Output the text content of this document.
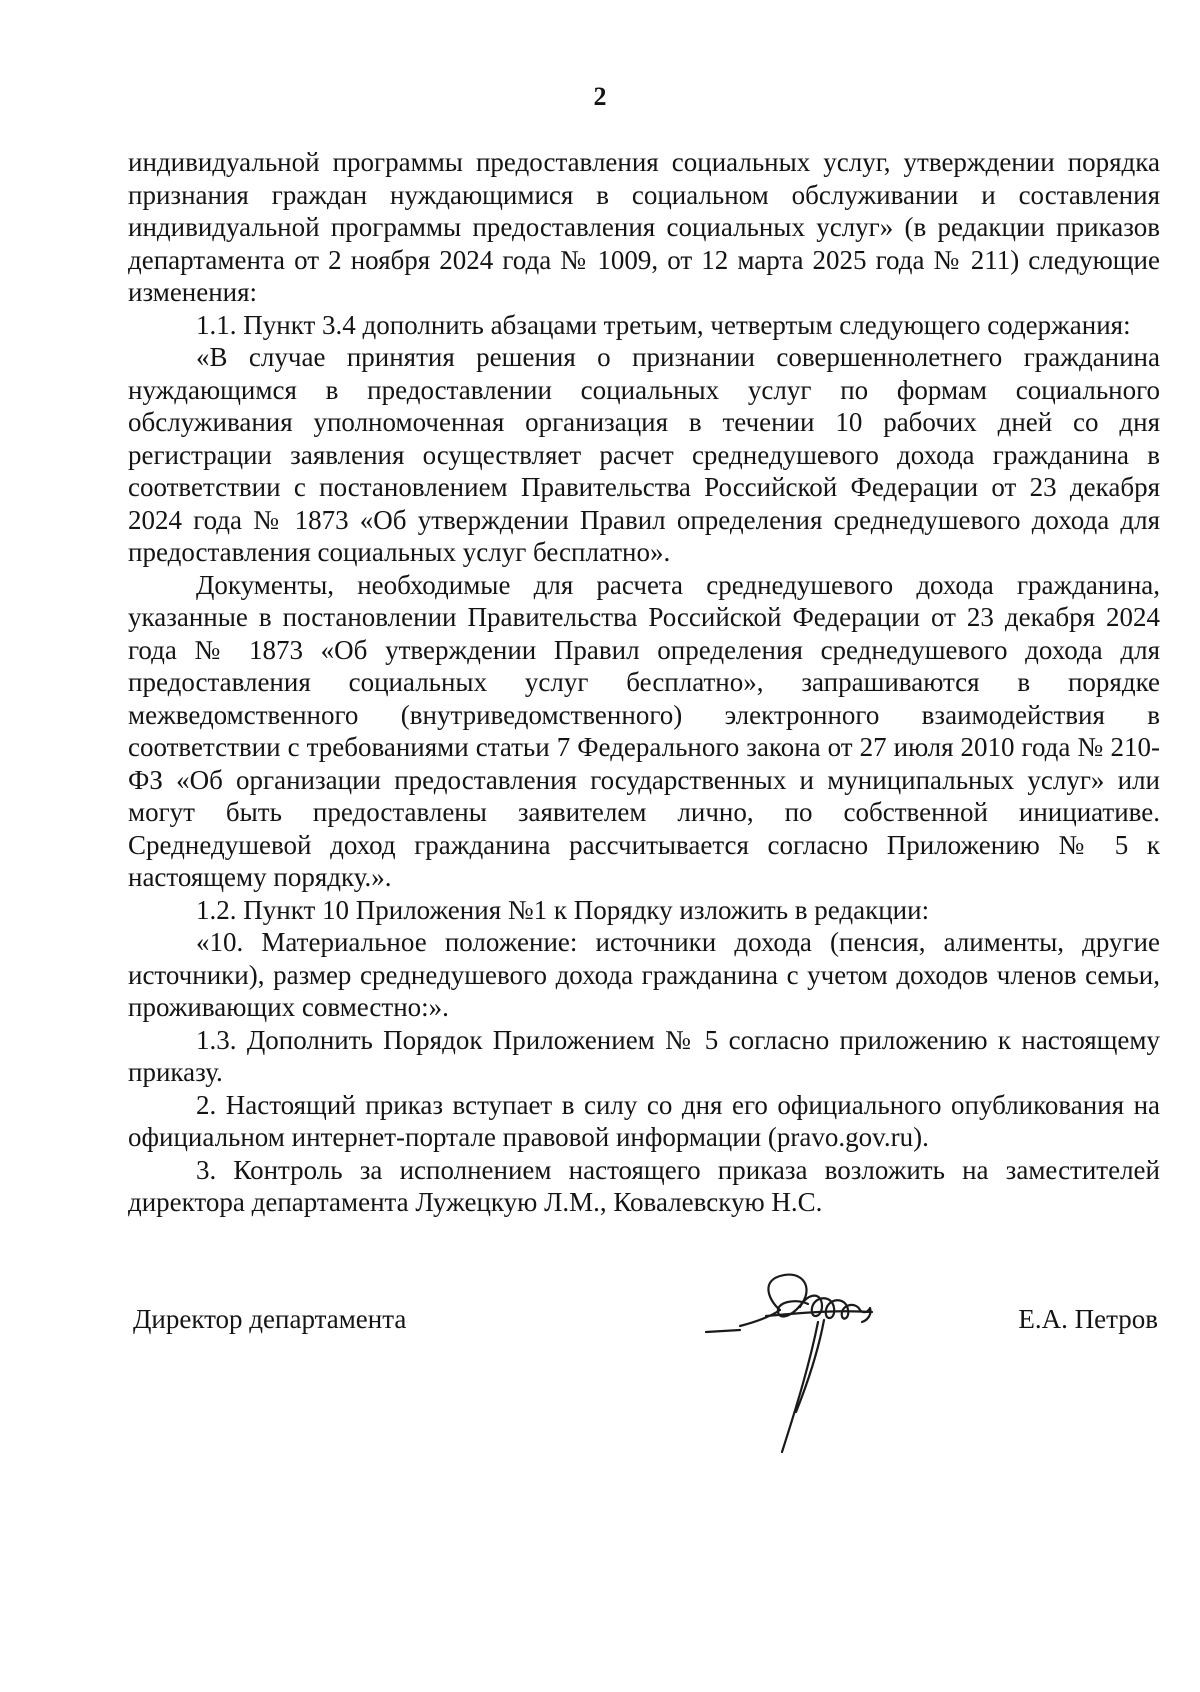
2

индивидуальной программы предоставления социальных услуг, утверждении порядка признания граждан нуждающимися в социальном обслуживании и составления индивидуальной программы предоставления социальных услуг» (в редакции приказов департамента от 2 ноября 2024 года № 1009, от 12 марта 2025 года № 211) следующие изменения:

1.1. Пункт 3.4 дополнить абзацами третьим, четвертым следующего содержания:

«В случае принятия решения о признании совершеннолетнего гражданина нуждающимся в предоставлении социальных услуг по формам социального обслуживания уполномоченная организация в течении 10 рабочих дней со дня регистрации заявления осуществляет расчет среднедушевого дохода гражданина в соответствии с постановлением Правительства Российской Федерации от 23 декабря 2024 года № 1873 «Об утверждении Правил определения среднедушевого дохода для предоставления социальных услуг бесплатно».

Документы, необходимые для расчета среднедушевого дохода гражданина, указанные в постановлении Правительства Российской Федерации от 23 декабря 2024 года № 1873 «Об утверждении Правил определения среднедушевого дохода для предоставления социальных услуг бесплатно», запрашиваются в порядке межведомственного (внутриведомственного) электронного взаимодействия в соответствии с требованиями статьи 7 Федерального закона от 27 июля 2010 года № 210-ФЗ «Об организации предоставления государственных и муниципальных услуг» или могут быть предоставлены заявителем лично, по собственной инициативе. Среднедушевой доход гражданина рассчитывается согласно Приложению № 5 к настоящему порядку.».

1.2. Пункт 10 Приложения №1 к Порядку изложить в редакции:

«10. Материальное положение: источники дохода (пенсия, алименты, другие источники), размер среднедушевого дохода гражданина с учетом доходов членов семьи, проживающих совместно:».

1.3. Дополнить Порядок Приложением № 5 согласно приложению к настоящему приказу.

2. Настоящий приказ вступает в силу со дня его официального опубликования на официальном интернет-портале правовой информации (pravo.gov.ru).

3. Контроль за исполнением настоящего приказа возложить на заместителей директора департамента Лужецкую Л.М., Ковалевскую Н.С.

Директор департамента	Е.А. Петров
